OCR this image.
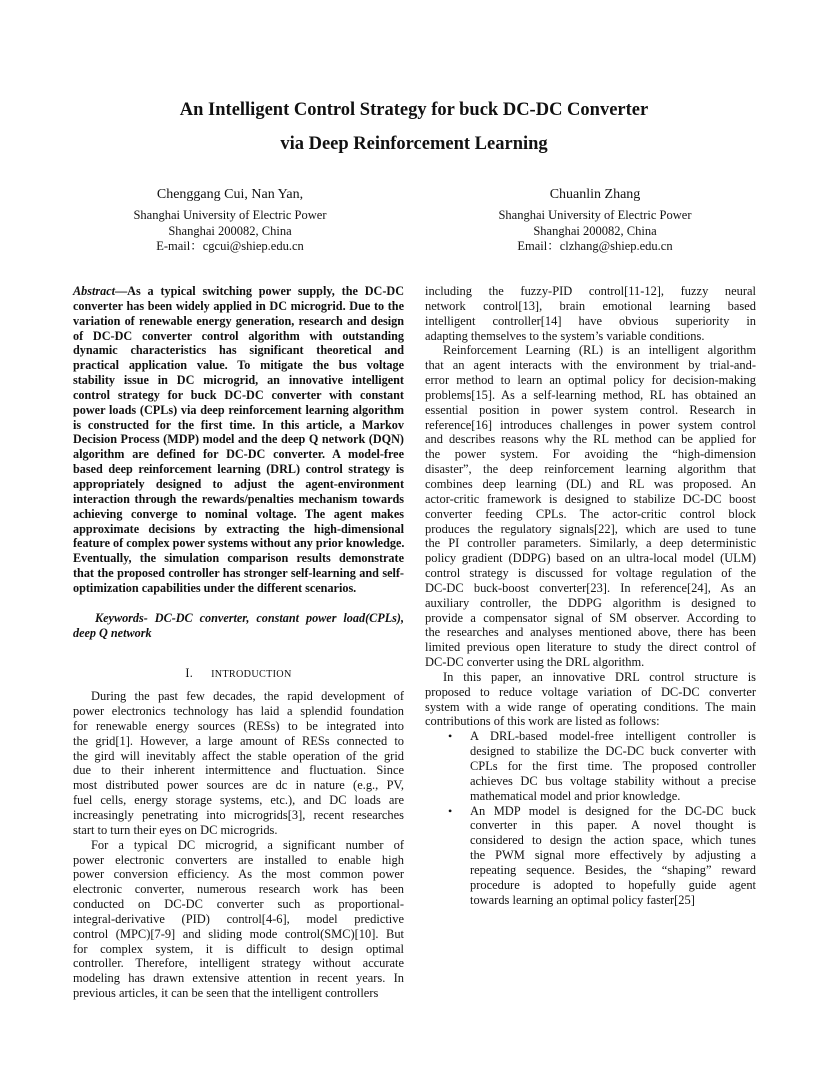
An Intelligent Control Strategy for buck DC-DC Converter
via Deep Reinforcement Learning
Chenggang Cui, Nan Yan,
Shanghai University of Electric Power
Shanghai 200082, China
E-mail：cgcui@shiep.edu.cn
Chuanlin Zhang
Shanghai University of Electric Power
Shanghai 200082, China
Email：clzhang@shiep.edu.cn

Abstract—As a typical switching power supply, the DC-DC

converter has been widely applied in DC microgrid. Due to the

variation of renewable energy generation, research and design

of DC-DC converter control algorithm with outstanding

dynamic characteristics has significant theoretical and

practical application value. To mitigate the bus voltage

stability issue in DC microgrid, an innovative intelligent

control strategy for buck DC-DC converter with constant

power loads (CPLs) via deep reinforcement learning algorithm

is constructed for the first time. In this article, a Markov

Decision Process (MDP) model and the deep Q network (DQN)

algorithm are defined for DC-DC converter. A model-free

based deep reinforcement learning (DRL) control strategy is

appropriately designed to adjust the agent-environment

interaction through the rewards/penalties mechanism towards

achieving converge to nominal voltage. The agent makes

approximate decisions by extracting the high-dimensional

feature of complex power systems without any prior knowledge.

Eventually, the simulation comparison results demonstrate

that the proposed controller has stronger self-learning and self-

optimization capabilities under the different scenarios.

Keywords- DC-DC converter, constant power load(CPLs),

deep Q network

I. INTRODUCTION

During the past few decades, the rapid development of

power electronics technology has laid a splendid foundation

for renewable energy sources (RESs) to be integrated into

the grid[1]. However, a large amount of RESs connected to

the gird will inevitably affect the stable operation of the grid

due to their inherent intermittence and fluctuation. Since

most distributed power sources are dc in nature (e.g., PV,

fuel cells, energy storage systems, etc.), and DC loads are

increasingly penetrating into microgrids[3], recent researches

start to turn their eyes on DC microgrids.

For a typical DC microgrid, a significant number of

power electronic converters are installed to enable high

power conversion efficiency. As the most common power

electronic converter, numerous research work has been

conducted on DC-DC converter such as proportional-

integral-derivative (PID) control[4-6], model predictive

control (MPC)[7-9] and sliding mode control(SMC)[10]. But

for complex system, it is difficult to design optimal

controller. Therefore, intelligent strategy without accurate

modeling has drawn extensive attention in recent years. In

previous articles, it can be seen that the intelligent controllers

including the fuzzy-PID control[11-12], fuzzy neural

network control[13], brain emotional learning based

intelligent controller[14] have obvious superiority in

adapting themselves to the system’s variable conditions.

Reinforcement Learning (RL) is an intelligent algorithm

that an agent interacts with the environment by trial-and-

error method to learn an optimal policy for decision-making

problems[15]. As a self-learning method, RL has obtained an

essential position in power system control. Research in

reference[16] introduces challenges in power system control

and describes reasons why the RL method can be applied for

the power system. For avoiding the “high-dimension

disaster”, the deep reinforcement learning algorithm that

combines deep learning (DL) and RL was proposed. An

actor-critic framework is designed to stabilize DC-DC boost

converter feeding CPLs. The actor-critic control block

produces the regulatory signals[22], which are used to tune

the PI controller parameters. Similarly, a deep deterministic

policy gradient (DDPG) based on an ultra-local model (ULM)

control strategy is discussed for voltage regulation of the

DC-DC buck-boost converter[23]. In reference[24], As an

auxiliary controller, the DDPG algorithm is designed to

provide a compensator signal of SM observer. According to

the researches and analyses mentioned above, there has been

limited previous open literature to study the direct control of

DC-DC converter using the DRL algorithm.

In this paper, an innovative DRL control structure is

proposed to reduce voltage variation of DC-DC converter

system with a wide range of operating conditions. The main

contributions of this work are listed as follows:

• A DRL-based model-free intelligent controller is

designed to stabilize the DC-DC buck converter with

CPLs for the first time. The proposed controller

achieves DC bus voltage stability without a precise

mathematical model and prior knowledge.

• An MDP model is designed for the DC-DC buck

converter in this paper. A novel thought is

considered to design the action space, which tunes

the PWM signal more effectively by adjusting a

repeating sequence. Besides, the “shaping” reward

procedure is adopted to hopefully guide agent

towards learning an optimal policy faster[25]
